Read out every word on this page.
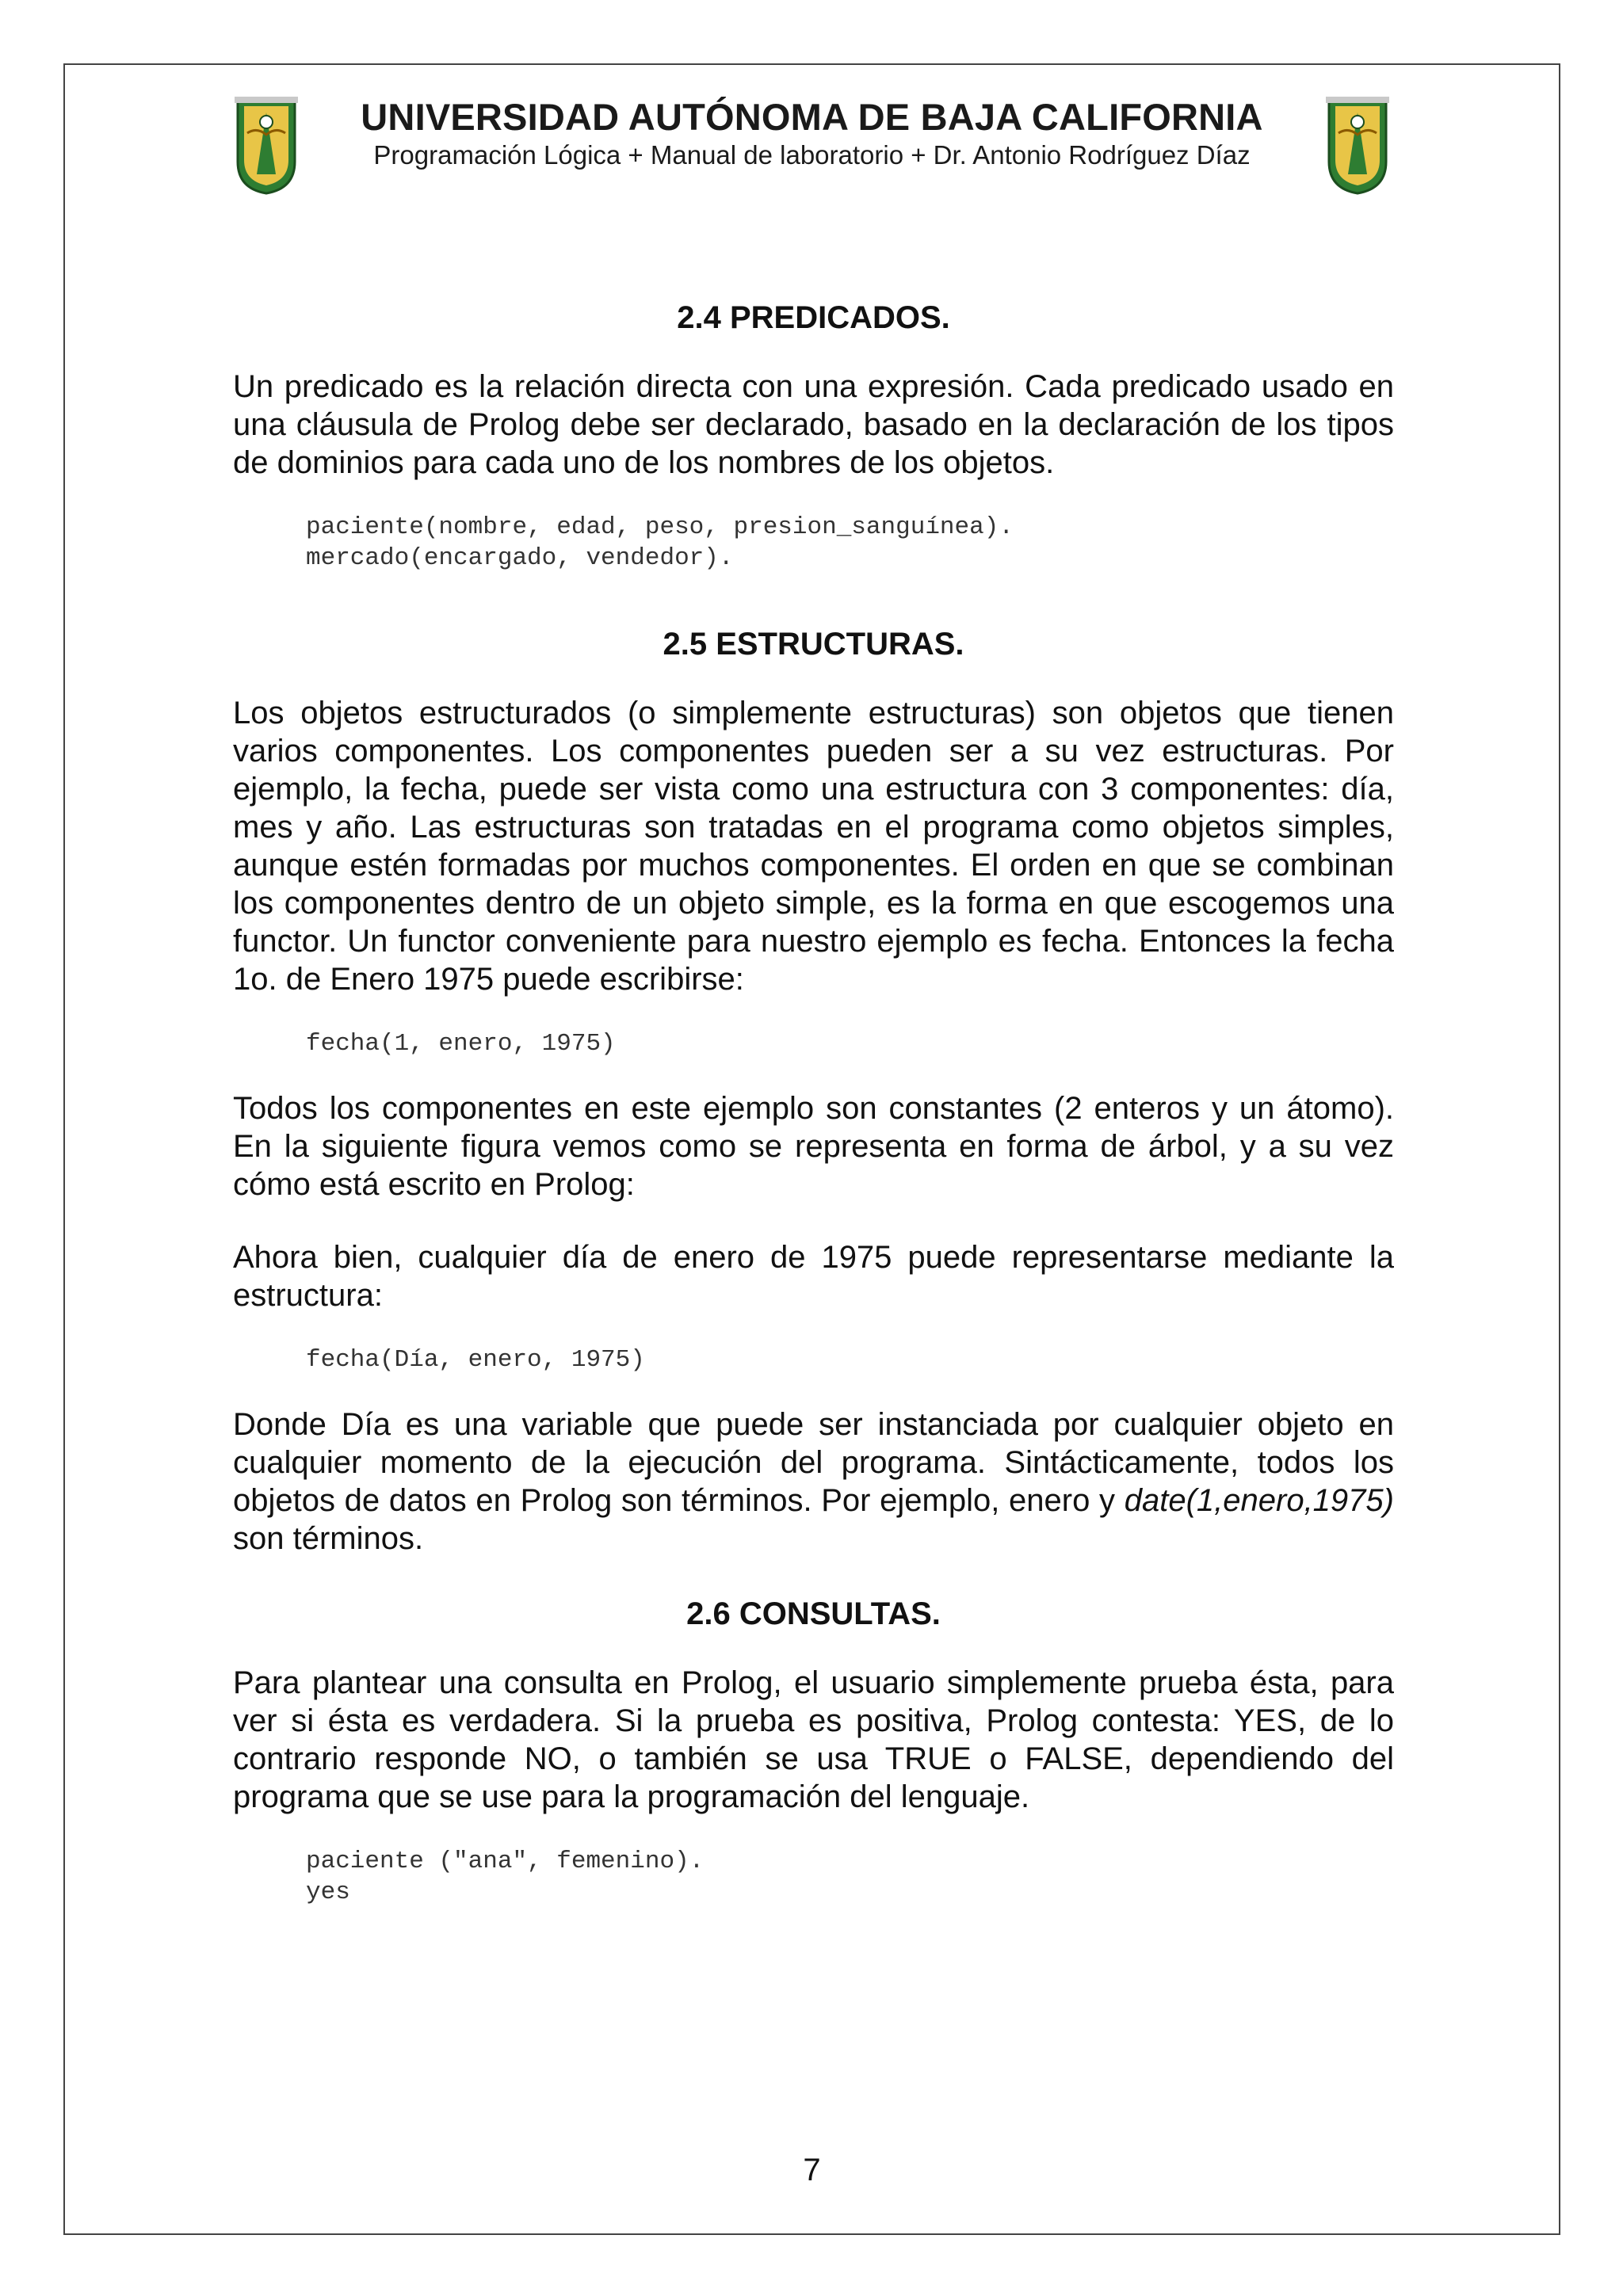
UNIVERSIDAD AUTÓNOMA DE BAJA CALIFORNIA
Programación Lógica + Manual de laboratorio + Dr. Antonio Rodríguez Díaz
2.4 PREDICADOS.

Un predicado es la relación directa con una expresión. Cada predicado usado en una cláusula de Prolog debe ser declarado, basado en la declaración de los tipos de dominios para cada uno de los nombres de los objetos.

paciente(nombre, edad, peso, presion_sanguínea).
mercado(encargado, vendedor).
2.5 ESTRUCTURAS.

Los objetos estructurados (o simplemente estructuras) son objetos que tienen varios componentes. Los componentes pueden ser a su vez estructuras. Por ejemplo, la fecha, puede ser vista como una estructura con 3 componentes: día, mes y año. Las estructuras son tratadas en el programa como objetos simples, aunque estén formadas por muchos componentes. El orden en que se combinan los componentes dentro de un objeto simple, es la forma en que escogemos una functor. Un functor conveniente para nuestro ejemplo es fecha. Entonces la fecha 1o. de Enero 1975 puede escribirse:

fecha(1, enero, 1975)

Todos los componentes en este ejemplo son constantes (2 enteros y un átomo). En la siguiente figura vemos como se representa en forma de árbol, y a su vez cómo está escrito en Prolog:

Ahora bien, cualquier día de enero de 1975 puede representarse mediante la estructura:

fecha(Día, enero, 1975)

Donde Día es una variable que puede ser instanciada por cualquier objeto en cualquier momento de la ejecución del programa. Sintácticamente, todos los objetos de datos en Prolog son términos. Por ejemplo, enero y date(1,enero,1975) son términos.

2.6 CONSULTAS.

Para plantear una consulta en Prolog, el usuario simplemente prueba ésta, para ver si ésta es verdadera. Si la prueba es positiva, Prolog contesta: YES, de lo contrario responde NO, o también se usa TRUE o FALSE, dependiendo del programa que se use para la programación del lenguaje.

paciente ("ana", femenino).
yes
7
